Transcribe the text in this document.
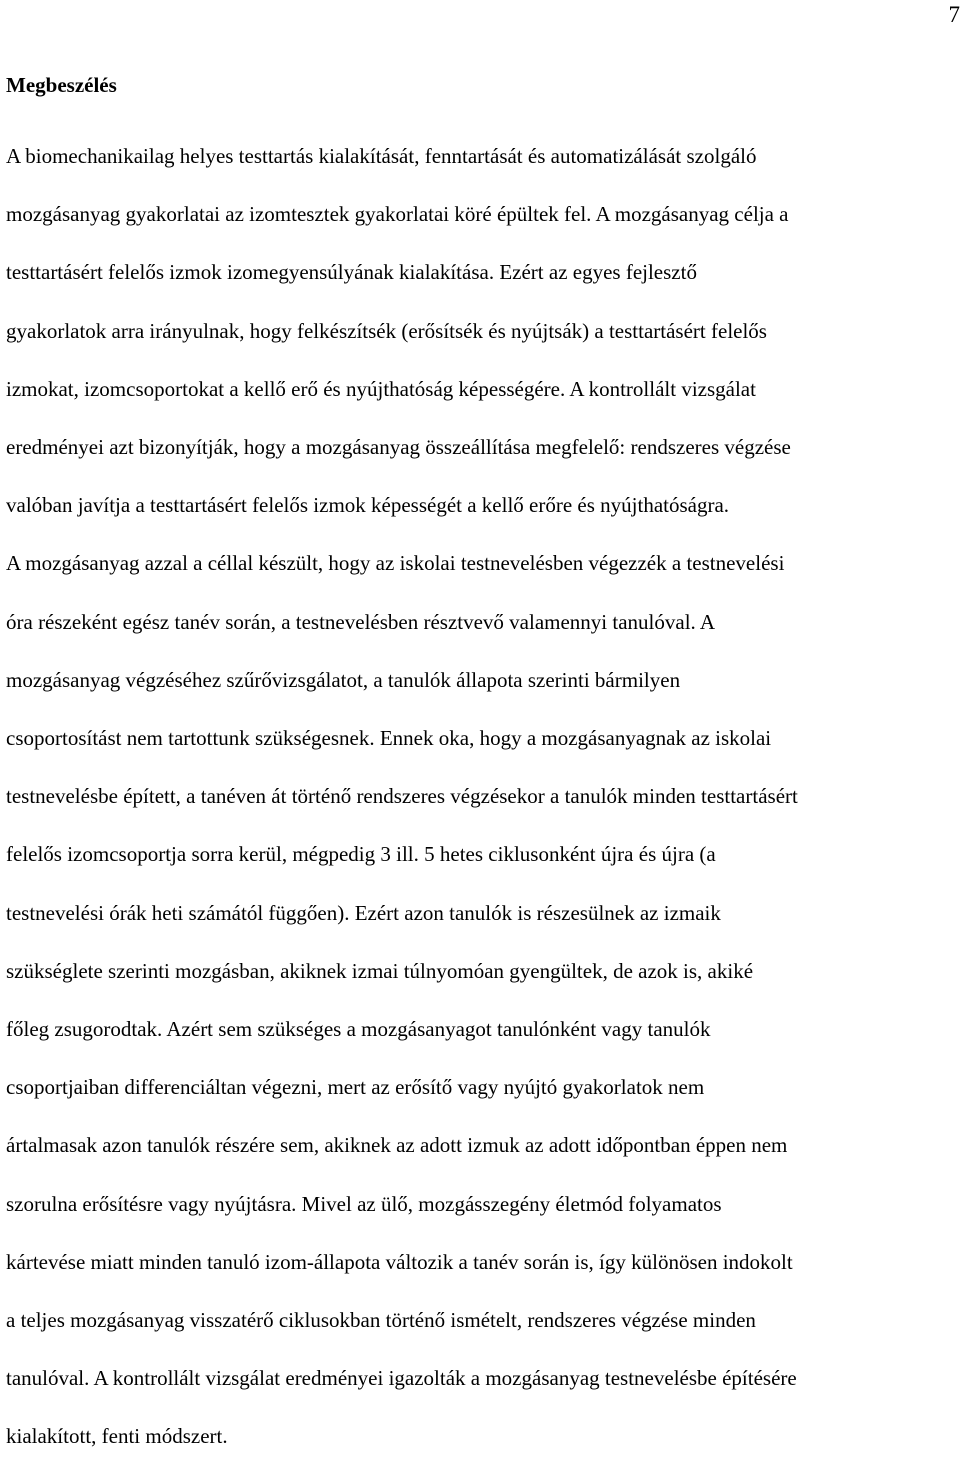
7
Megbeszélés

A biomechanikailag helyes testtartás kialakítását, fenntartását és automatizálását szolgáló
mozgásanyag gyakorlatai az izomtesztek gyakorlatai köré épültek fel. A mozgásanyag célja a
testtartásért felelős izmok izomegyensúlyának kialakítása. Ezért az egyes fejlesztő
gyakorlatok arra irányulnak, hogy felkészítsék (erősítsék és nyújtsák) a testtartásért felelős
izmokat, izomcsoportokat a kellő erő és nyújthatóság képességére. A kontrollált vizsgálat
eredményei azt bizonyítják, hogy a mozgásanyag összeállítása megfelelő: rendszeres végzése
valóban javítja a testtartásért felelős izmok képességét a kellő erőre és nyújthatóságra.
A mozgásanyag azzal a céllal készült, hogy az iskolai testnevelésben végezzék a testnevelési
óra részeként egész tanév során, a testnevelésben résztvevő valamennyi tanulóval. A
mozgásanyag végzéséhez szűrővizsgálatot, a tanulók állapota szerinti bármilyen
csoportosítást nem tartottunk szükségesnek. Ennek oka, hogy a mozgásanyagnak az iskolai
testnevelésbe épített, a tanéven át történő rendszeres végzésekor a tanulók minden testtartásért
felelős izomcsoportja sorra kerül, mégpedig 3 ill. 5 hetes ciklusonként újra és újra (a
testnevelési órák heti számától függően). Ezért azon tanulók is részesülnek az izmaik
szükséglete szerinti mozgásban, akiknek izmai túlnyomóan gyengültek, de azok is, akiké
főleg zsugorodtak. Azért sem szükséges a mozgásanyagot tanulónként vagy tanulók
csoportjaiban differenciáltan végezni, mert az erősítő vagy nyújtó gyakorlatok nem
ártalmasak azon tanulók részére sem, akiknek az adott izmuk az adott időpontban éppen nem
szorulna erősítésre vagy nyújtásra. Mivel az ülő, mozgásszegény életmód folyamatos
kártevése miatt minden tanuló izom-állapota változik a tanév során is, így különösen indokolt
a teljes mozgásanyag visszatérő ciklusokban történő ismételt, rendszeres végzése minden
tanulóval. A kontrollált vizsgálat eredményei igazolták a mozgásanyag testnevelésbe építésére
kialakított, fenti módszert.
